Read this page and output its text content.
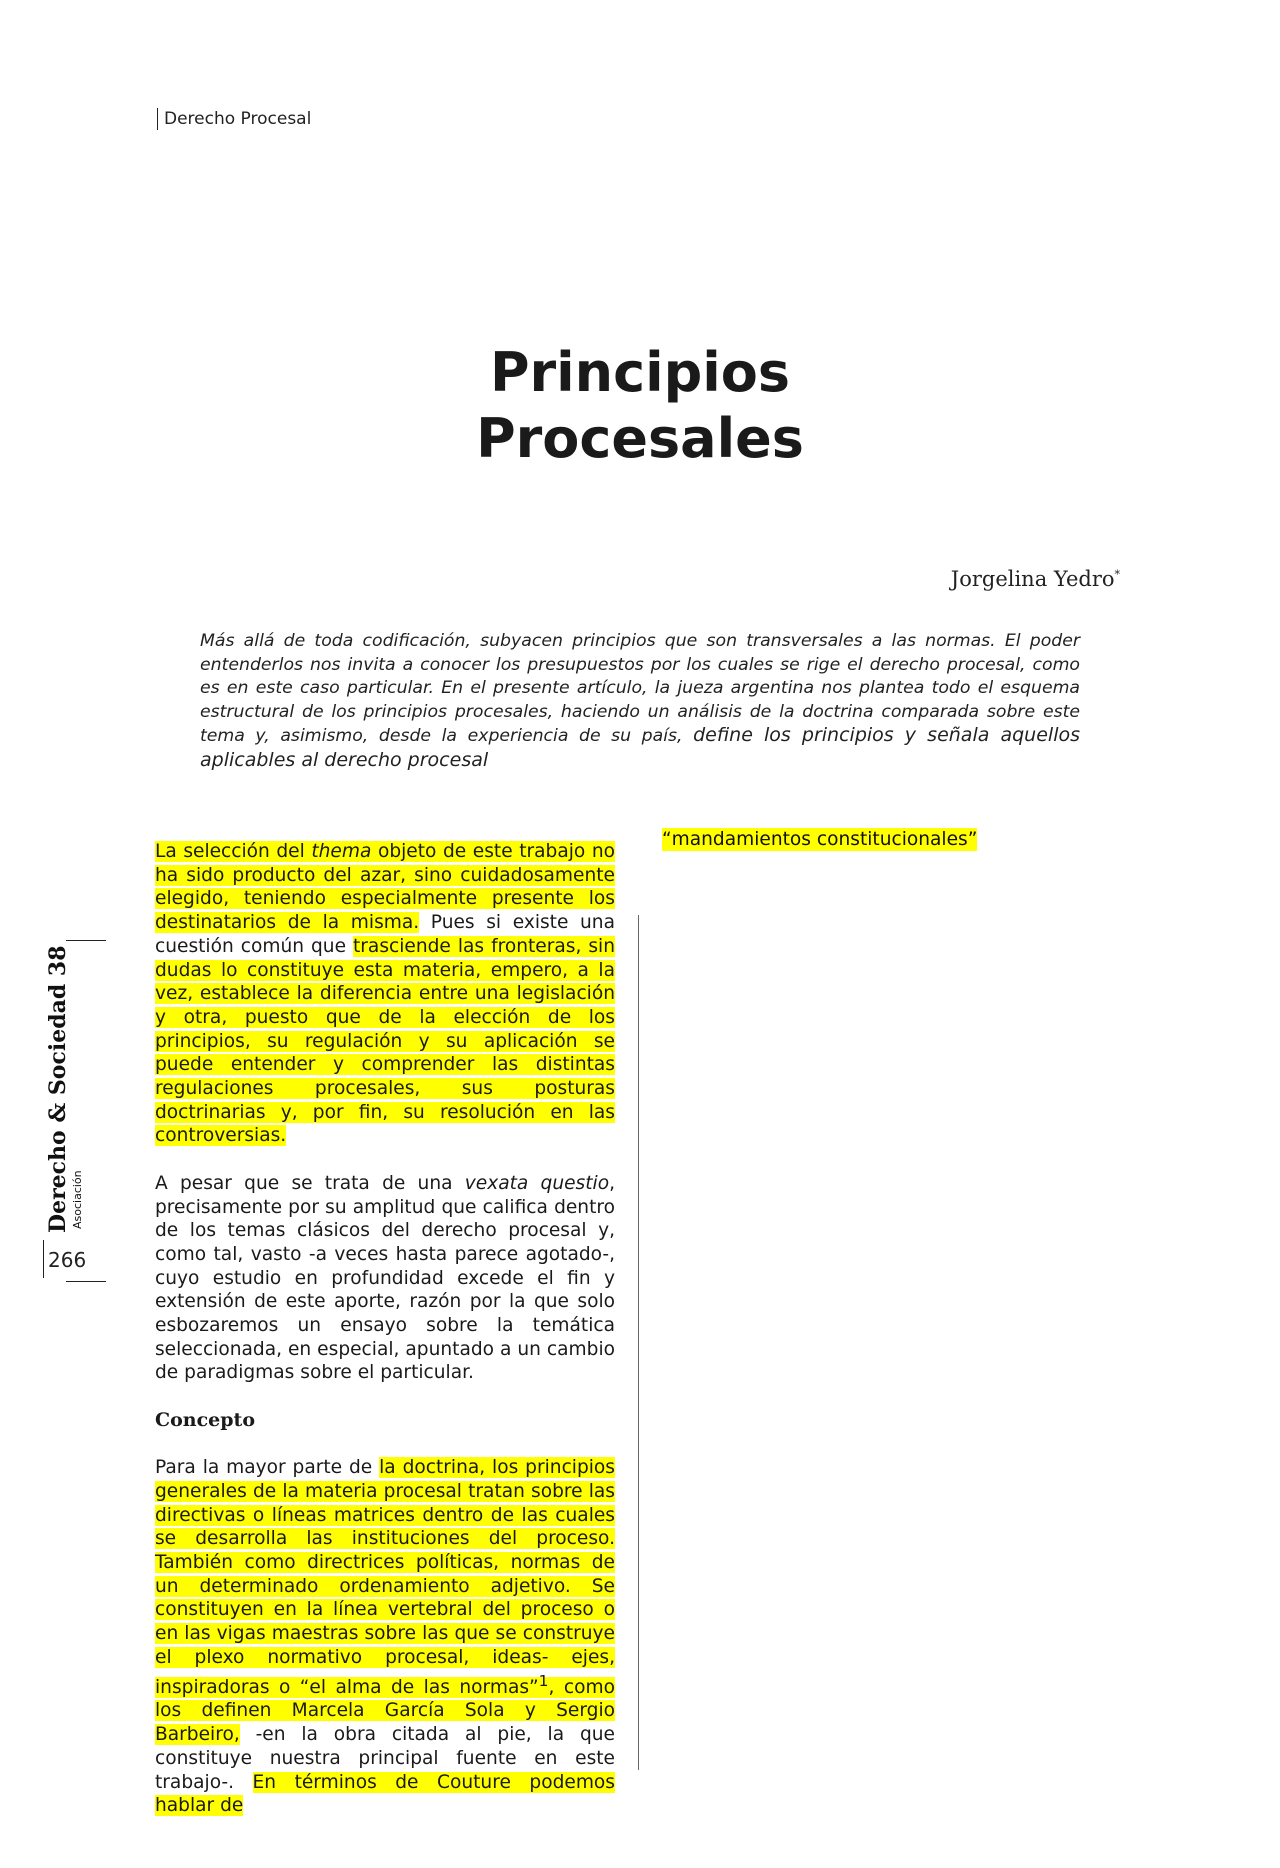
Derecho Procesal
Principios
Procesales
Jorgelina Yedro*

Más allá de toda codificación, subyacen principios que son transversales a las normas. El poder entenderlos nos invita a conocer los presupuestos por los cuales se rige el derecho procesal, como es en este caso particular. En el presente artículo, la jueza argentina nos plantea todo el esquema estructural de los principios procesales, haciendo un análisis de la doctrina comparada sobre este tema y, asimismo, desde la experiencia de su país, define los principios y señala aquellos aplicables al derecho procesal

“mandamientos constitucionales”

La selección del thema objeto de este trabajo no ha sido producto del azar, sino cuidadosamente elegido, teniendo especialmente presente los destinatarios de la misma. Pues si existe una cuestión común que trasciende las fronteras, sin dudas lo constituye esta materia, empero, a la vez, establece la diferencia entre una legislación y otra, puesto que de la elección de los principios, su regulación y su aplicación se puede entender y comprender las distintas regulaciones procesales, sus posturas doctrinarias y, por fin, su resolución en las controversias.

A pesar que se trata de una vexata questio, precisamente por su amplitud que califica dentro de los temas clásicos del derecho procesal y, como tal, vasto -a veces hasta parece agotado-, cuyo estudio en profundidad excede el fin y extensión de este aporte, razón por la que solo esbozaremos un ensayo sobre la temática seleccionada, en especial, apuntado a un cambio de paradigmas sobre el particular.

Concepto

Para la mayor parte de la doctrina, los principios generales de la materia procesal tratan sobre las directivas o líneas matrices dentro de las cuales se desarrolla las instituciones del proceso. También como directrices políticas, normas de un determinado ordenamiento adjetivo. Se constituyen en la línea vertebral del proceso o en las vigas maestras sobre las que se construye el plexo normativo procesal, ideas- ejes, inspiradoras o “el alma de las normas”$^1$, como los definen Marcela García Sola y Sergio Barbeiro, -en la obra citada al pie, la que constituye nuestra principal fuente en este trabajo-. En términos de Couture podemos hablar de

Derecho & Sociedad 38 Asociación
266
